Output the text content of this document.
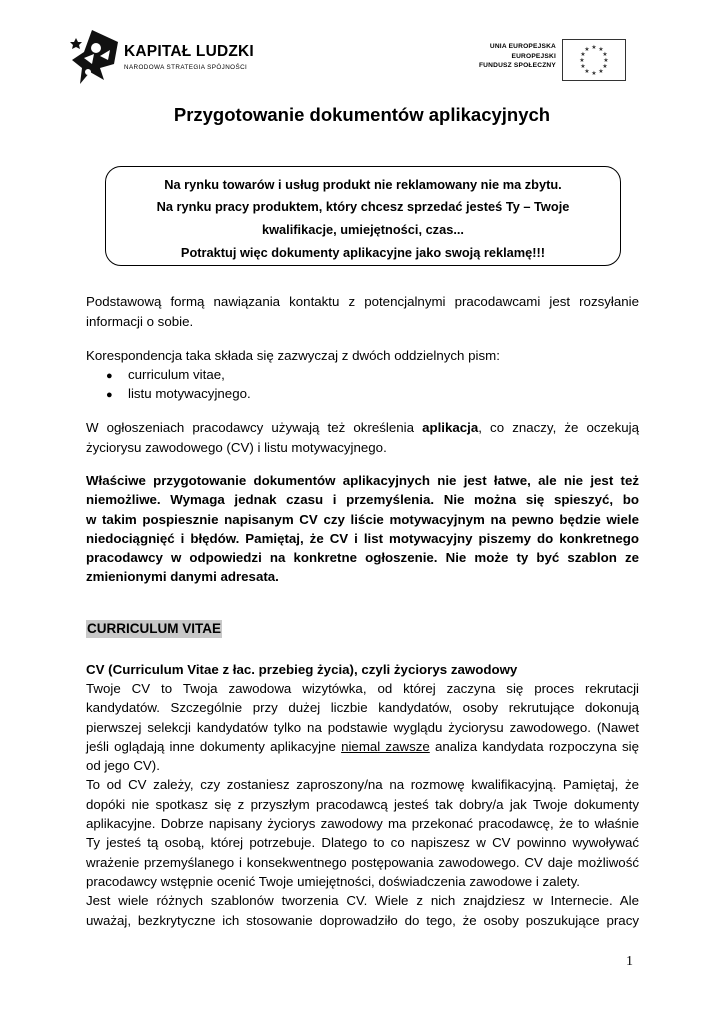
KAPITAŁ LUDZKI
NARODOWA STRATEGIA SPÓJNOŚCI
UNIA EUROPEJSKA
EUROPEJSKI
FUNDUSZ SPOŁECZNY
★ ★
★
★
★
★
★
★
★
★
★
★
Przygotowanie dokumentów aplikacyjnych

Na rynku towarów i usług produkt nie reklamowany nie ma zbytu.

Na rynku pracy produktem, który chcesz sprzedać jesteś Ty – Twoje

kwalifikacje, umiejętności, czas...

Potraktuj więc dokumenty aplikacyjne jako swoją reklamę!!!

Podstawową formą nawiązania kontaktu z potencjalnymi pracodawcami jest rozsyłanie
informacji o sobie.
Korespondencja taka składa się zazwyczaj z dwóch oddzielnych pism:
● curriculum vitae,
● listu motywacyjnego.
W ogłoszeniach pracodawcy używają też określenia aplikacja, co znaczy, że oczekują
życiorysu zawodowego (CV) i listu motywacyjnego.
Właściwe przygotowanie dokumentów aplikacyjnych nie jest łatwe, ale nie jest też
niemożliwe. Wymaga jednak czasu i przemyślenia. Nie można się spieszyć, bo
w takim pospiesznie napisanym CV czy liście motywacyjnym na pewno będzie wiele
niedociągnięć i błędów. Pamiętaj, że CV i list motywacyjny piszemy do konkretnego
pracodawcy w odpowiedzi na konkretne ogłoszenie. Nie może ty być szablon ze
zmienionymi danymi adresata.
CURRICULUM VITAE
CV (Curriculum Vitae z łac. przebieg życia), czyli życiorys zawodowy
Twoje CV to Twoja zawodowa wizytówka, od której zaczyna się proces rekrutacji
kandydatów. Szczególnie przy dużej liczbie kandydatów, osoby rekrutujące dokonują
pierwszej selekcji kandydatów tylko na podstawie wyglądu życiorysu zawodowego. (Nawet
jeśli oglądają inne dokumenty aplikacyjne niemal zawsze analiza kandydata rozpoczyna się
od jego CV).
To od CV zależy, czy zostaniesz zaproszony/na na rozmowę kwalifikacyjną. Pamiętaj, że
dopóki nie spotkasz się z przyszłym pracodawcą jesteś tak dobry/a jak Twoje dokumenty
aplikacyjne. Dobrze napisany życiorys zawodowy ma przekonać pracodawcę, że to właśnie
Ty jesteś tą osobą, której potrzebuje. Dlatego to co napiszesz w CV powinno wywoływać
wrażenie przemyślanego i konsekwentnego postępowania zawodowego. CV daje możliwość
pracodawcy wstępnie ocenić Twoje umiejętności, doświadczenia zawodowe i zalety.
Jest wiele różnych szablonów tworzenia CV. Wiele z nich znajdziesz w Internecie. Ale
uważaj, bezkrytyczne ich stosowanie doprowadziło do tego, że osoby poszukujące pracy
1
